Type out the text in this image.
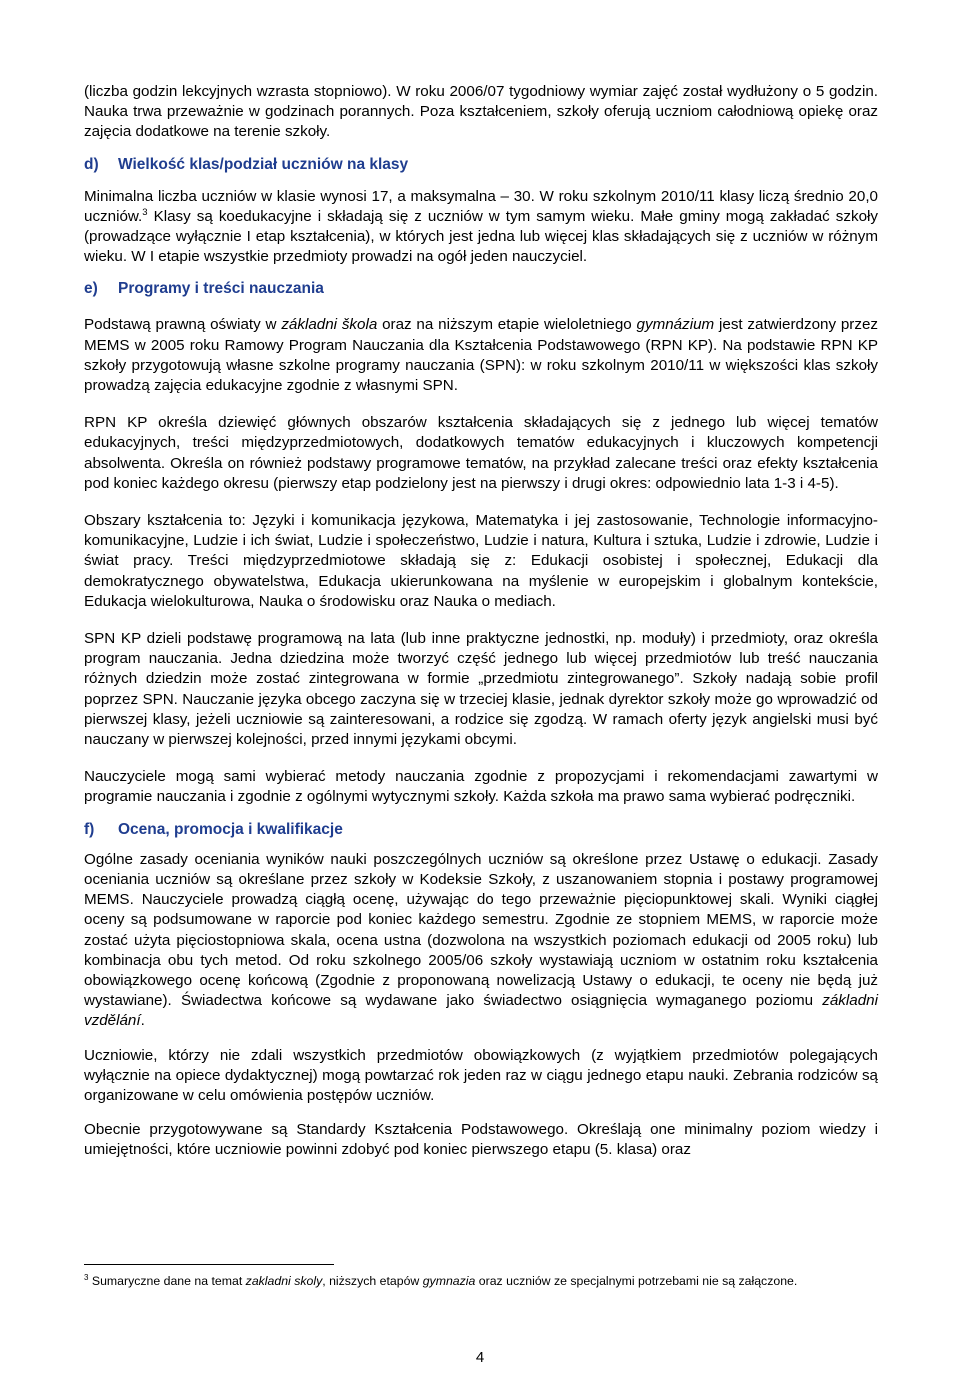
(liczba godzin lekcyjnych wzrasta stopniowo). W roku 2006/07 tygodniowy wymiar zajęć został wydłużony o 5 godzin. Nauka trwa przeważnie w godzinach porannych. Poza kształceniem, szkoły oferują uczniom całodniową opiekę oraz zajęcia dodatkowe na terenie szkoły.

d) Wielkość klas/podział uczniów na klasy

Minimalna liczba uczniów w klasie wynosi 17, a maksymalna – 30. W roku szkolnym 2010/11 klasy liczą średnio 20,0 uczniów.$^3$ Klasy są koedukacyjne i składają się z uczniów w tym samym wieku. Małe gminy mogą zakładać szkoły (prowadzące wyłącznie I etap kształcenia), w których jest jedna lub więcej klas składających się z uczniów w różnym wieku. W I etapie wszystkie przedmioty prowadzi na ogół jeden nauczyciel.

e) Programy i treści nauczania

Podstawą prawną oświaty w základni škola oraz na niższym etapie wieloletniego gymnázium jest zatwierdzony przez MEMS w 2005 roku Ramowy Program Nauczania dla Kształcenia Podstawowego (RPN KP). Na podstawie RPN KP szkoły przygotowują własne szkolne programy nauczania (SPN): w roku szkolnym 2010/11 w większości klas szkoły prowadzą zajęcia edukacyjne zgodnie z własnymi SPN.

RPN KP określa dziewięć głównych obszarów kształcenia składających się z jednego lub więcej tematów edukacyjnych, treści międzyprzedmiotowych, dodatkowych tematów edukacyjnych i kluczowych kompetencji absolwenta. Określa on również podstawy programowe tematów, na przykład zalecane treści oraz efekty kształcenia pod koniec każdego okresu (pierwszy etap podzielony jest na pierwszy i drugi okres: odpowiednio lata 1-3 i 4-5).

Obszary kształcenia to: Języki i komunikacja językowa, Matematyka i jej zastosowanie, Technologie informacyjno-komunikacyjne, Ludzie i ich świat, Ludzie i społeczeństwo, Ludzie i natura, Kultura i sztuka, Ludzie i zdrowie, Ludzie i świat pracy. Treści międzyprzedmiotowe składają się z: Edukacji osobistej i społecznej, Edukacji dla demokratycznego obywatelstwa, Edukacja ukierunkowana na myślenie w europejskim i globalnym kontekście, Edukacja wielokulturowa, Nauka o środowisku oraz Nauka o mediach.

SPN KP dzieli podstawę programową na lata (lub inne praktyczne jednostki, np. moduły) i przedmioty, oraz określa program nauczania. Jedna dziedzina może tworzyć część jednego lub więcej przedmiotów lub treść nauczania różnych dziedzin może zostać zintegrowana w formie „przedmiotu zintegrowanego”. Szkoły nadają sobie profil poprzez SPN. Nauczanie języka obcego zaczyna się w trzeciej klasie, jednak dyrektor szkoły może go wprowadzić od pierwszej klasy, jeżeli uczniowie są zainteresowani, a rodzice się zgodzą. W ramach oferty język angielski musi być nauczany w pierwszej kolejności, przed innymi językami obcymi.

Nauczyciele mogą sami wybierać metody nauczania zgodnie z propozycjami i rekomendacjami zawartymi w programie nauczania i zgodnie z ogólnymi wytycznymi szkoły. Każda szkoła ma prawo sama wybierać podręczniki.

f) Ocena, promocja i kwalifikacje

Ogólne zasady oceniania wyników nauki poszczególnych uczniów są określone przez Ustawę o edukacji. Zasady oceniania uczniów są określane przez szkoły w Kodeksie Szkoły, z uszanowaniem stopnia i postawy programowej MEMS. Nauczyciele prowadzą ciągłą ocenę, używając do tego przeważnie pięciopunktowej skali. Wyniki ciągłej oceny są podsumowane w raporcie pod koniec każdego semestru. Zgodnie ze stopniem MEMS, w raporcie może zostać użyta pięciostopniowa skala, ocena ustna (dozwolona na wszystkich poziomach edukacji od 2005 roku) lub kombinacja obu tych metod. Od roku szkolnego 2005/06 szkoły wystawiają uczniom w ostatnim roku kształcenia obowiązkowego ocenę końcową (Zgodnie z proponowaną nowelizacją Ustawy o edukacji, te oceny nie będą już wystawiane). Świadectwa końcowe są wydawane jako świadectwo osiągnięcia wymaganego poziomu základni vzdělání.

Uczniowie, którzy nie zdali wszystkich przedmiotów obowiązkowych (z wyjątkiem przedmiotów polegających wyłącznie na opiece dydaktycznej) mogą powtarzać rok jeden raz w ciągu jednego etapu nauki. Zebrania rodziców są organizowane w celu omówienia postępów uczniów.

Obecnie przygotowywane są Standardy Kształcenia Podstawowego. Określają one minimalny poziom wiedzy i umiejętności, które uczniowie powinni zdobyć pod koniec pierwszego etapu (5. klasa) oraz

$^3$ Sumaryczne dane na temat zakladni skoly, niższych etapów gymnazia oraz uczniów ze specjalnymi potrzebami nie są załączone.
4
